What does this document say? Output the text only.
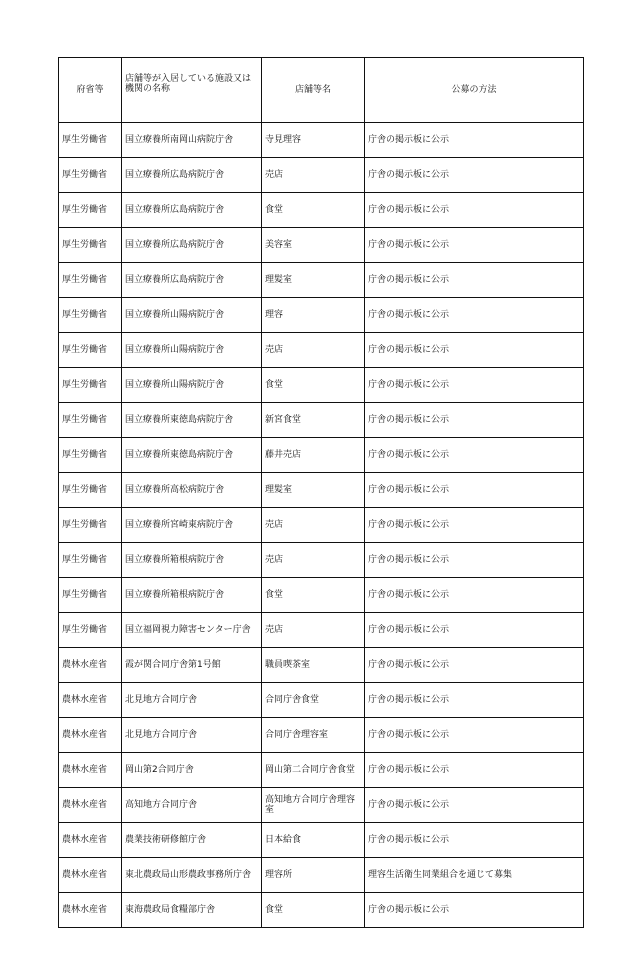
府省等	店舗等が入居している施設又は機関の名称	店舗等名	公募の方法
厚生労働省	国立療養所南岡山病院庁舎	寺見理容	庁舎の掲示板に公示
厚生労働省	国立療養所広島病院庁舎	売店	庁舎の掲示板に公示
厚生労働省	国立療養所広島病院庁舎	食堂	庁舎の掲示板に公示
厚生労働省	国立療養所広島病院庁舎	美容室	庁舎の掲示板に公示
厚生労働省	国立療養所広島病院庁舎	理髪室	庁舎の掲示板に公示
厚生労働省	国立療養所山陽病院庁舎	理容	庁舎の掲示板に公示
厚生労働省	国立療養所山陽病院庁舎	売店	庁舎の掲示板に公示
厚生労働省	国立療養所山陽病院庁舎	食堂	庁舎の掲示板に公示
厚生労働省	国立療養所東徳島病院庁舎	新宮食堂	庁舎の掲示板に公示
厚生労働省	国立療養所東徳島病院庁舎	藤井売店	庁舎の掲示板に公示
厚生労働省	国立療養所高松病院庁舎	理髪室	庁舎の掲示板に公示
厚生労働省	国立療養所宮崎東病院庁舎	売店	庁舎の掲示板に公示
厚生労働省	国立療養所箱根病院庁舎	売店	庁舎の掲示板に公示
厚生労働省	国立療養所箱根病院庁舎	食堂	庁舎の掲示板に公示
厚生労働省	国立福岡視力障害センター庁舎	売店	庁舎の掲示板に公示
農林水産省	霞が関合同庁舎第1号館	職員喫茶室	庁舎の掲示板に公示
農林水産省	北見地方合同庁舎	合同庁舎食堂	庁舎の掲示板に公示
農林水産省	北見地方合同庁舎	合同庁舎理容室	庁舎の掲示板に公示
農林水産省	岡山第2合同庁舎	岡山第二合同庁舎食堂	庁舎の掲示板に公示
農林水産省	高知地方合同庁舎	高知地方合同庁舎理容室	庁舎の掲示板に公示
農林水産省	農業技術研修館庁舎	日本給食	庁舎の掲示板に公示
農林水産省	東北農政局山形農政事務所庁舎	理容所	理容生活衛生同業組合を通じて募集
農林水産省	東海農政局食糧部庁舎	食堂	庁舎の掲示板に公示
